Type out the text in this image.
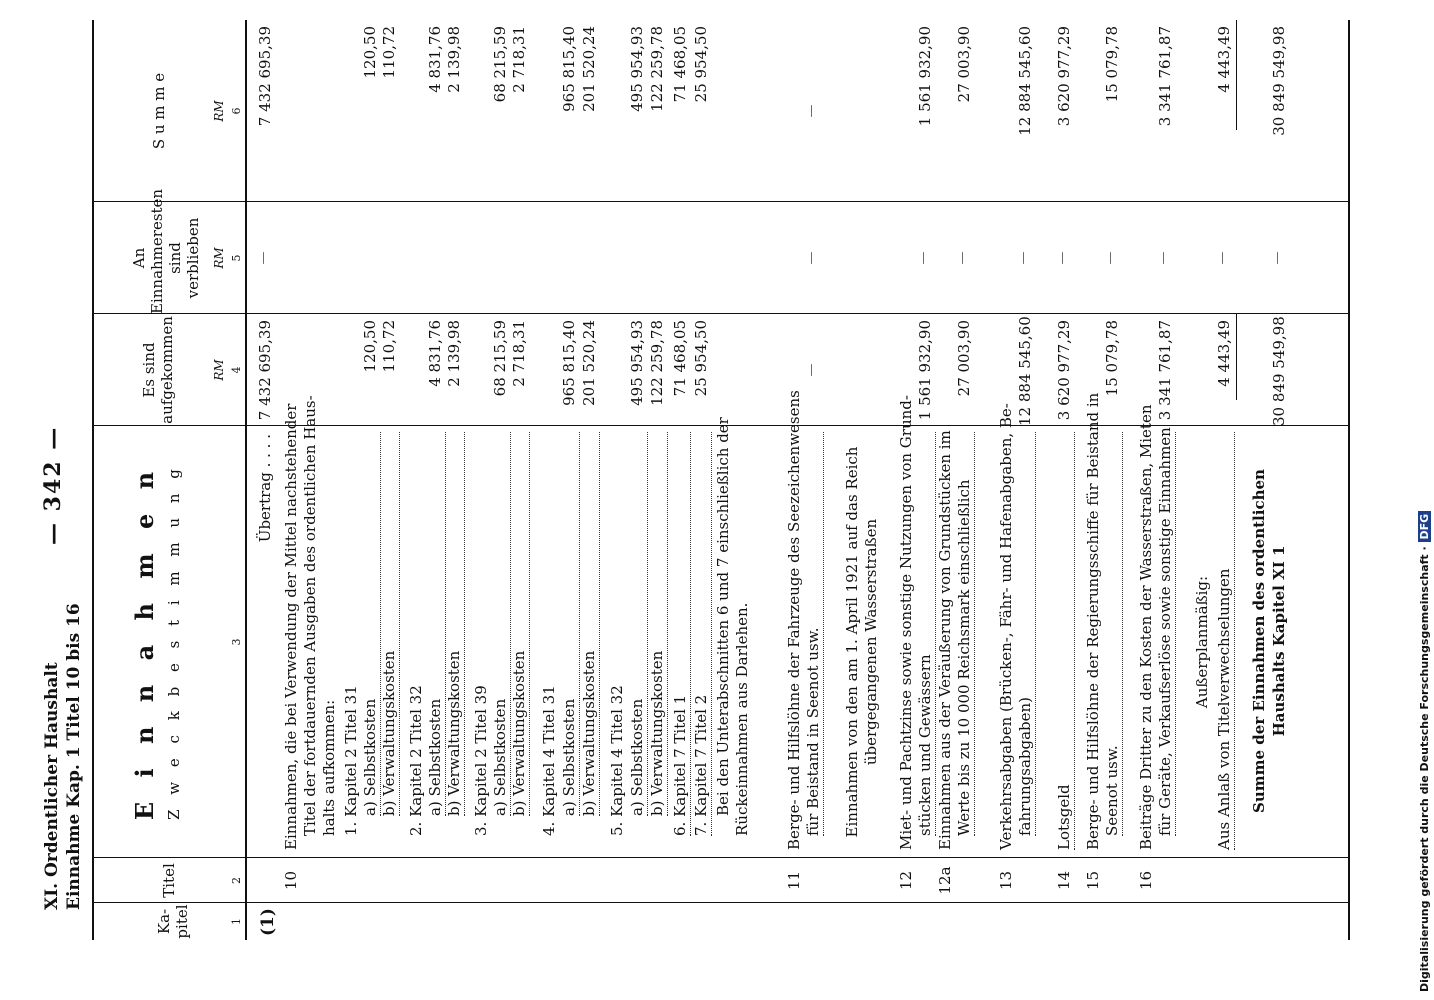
XI. Ordentlicher Haushalt Einnahme Kap. 1 Titel 10 bis 16
— 342 —
Ka-
pitel
Titel
E i n n a h m e n Z w e c k b e s t i m m u n g
Es sind
aufgekommen
An
Einnahmeresten
sind verblieben
S u m m e
RM
RM
RM
1
2
3
4
5
6
(1)
Übertrag . . . .
7 432 695,39
—
7 432 695,39
10
Einnahmen, die bei Verwendung der Mittel nachstehender Titel der fortdauernden Ausgaben des ordentlichen Haus- halts aufkommen: 1. Kapitel 2 Titel 31 a) Selbstkosten
120,50
120,50
b) Verwaltungskosten
110,72
110,72
2. Kapitel 2 Titel 32 a) Selbstkosten
4 831,76
4 831,76
b) Verwaltungskosten
2 139,98
2 139,98
3. Kapitel 2 Titel 39 a) Selbstkosten
68 215,59
68 215,59
b) Verwaltungskosten
2 718,31
2 718,31
4. Kapitel 4 Titel 31 a) Selbstkosten
965 815,40
965 815,40
b) Verwaltungskosten
201 520,24
201 520,24
5. Kapitel 4 Titel 32 a) Selbstkosten
495 954,93
495 954,93
b) Verwaltungskosten
122 259,78
122 259,78
6. Kapitel 7 Titel 1
71 468,05
71 468,05
7. Kapitel 7 Titel 2
25 954,50
25 954,50
Bei den Unterabschnitten 6 und 7 einschließlich der Rückeinnahmen aus Darlehen.
11
Berge- und Hilfslöhne der Fahrzeuge des Seezeichenwesens für Beistand in Seenot usw.
—
—
—
Einnahmen von den am 1. April 1921 auf das Reich übergegangenen Wasserstraßen
12
Miet- und Pachtzinse sowie sonstige Nutzungen von Grund- stücken und Gewässern
1 561 932,90
—
1 561 932,90
12a
Einnahmen aus der Veräußerung von Grundstücken im Werte bis zu 10 000 Reichsmark einschließlich
27 003,90
—
27 003,90
13
Verkehrsabgaben (Brücken-, Fähr- und Hafenabgaben, Be- fahrungsabgaben)
12 884 545,60
—
12 884 545,60
14
Lotsgeld
3 620 977,29
—
3 620 977,29
15
Berge- und Hilfslöhne der Regierungsschiffe für Beistand in Seenot usw.
15 079,78
—
15 079,78
16
Beiträge Dritter zu den Kosten der Wasserstraßen, Mieten für Geräte, Verkaufserlöse sowie sonstige Einnahmen
3 341 761,87
—
3 341 761,87
Außerplanmäßig: Aus Anlaß von Titelverwechselungen
4 443,49
—
4 443,49
Summe der Einnahmen des ordentlichen Haushalts Kapitel XI 1
30 849 549,98
—
30 849 549,98
Digitalisierung gefördert durch die Deutsche Forschungsgemeinschaft · DFG
